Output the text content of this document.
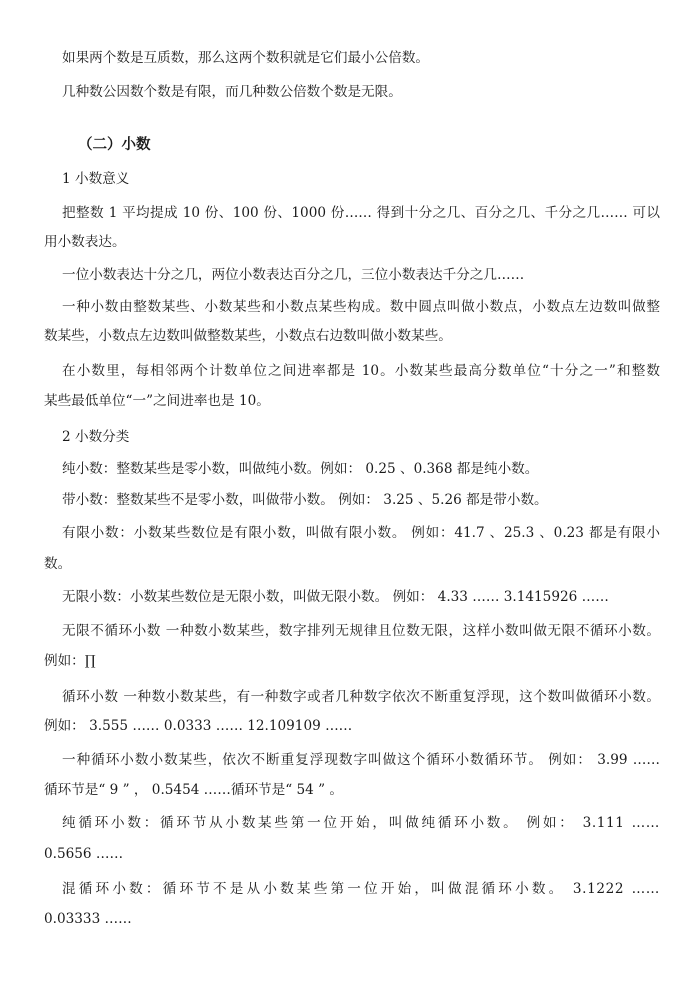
如果两个数是互质数，那么这两个数积就是它们最小公倍数。
几种数公因数个数是有限，而几种数公倍数个数是无限。
（二）小数
1 小数意义
把整数 1 平均提成 10 份、100 份、1000 份…… 得到十分之几、百分之几、千分之几…… 可以
用小数表达。
一位小数表达十分之几，两位小数表达百分之几，三位小数表达千分之几……
一种小数由整数某些、小数某些和小数点某些构成。数中圆点叫做小数点，小数点左边数叫做整
数某些，小数点左边数叫做整数某些，小数点右边数叫做小数某些。
在小数里，每相邻两个计数单位之间进率都是 10。小数某些最高分数单位“十分之一”和整数
某些最低单位“一”之间进率也是 10。
2 小数分类
纯小数：整数某些是零小数，叫做纯小数。例如： 0.25 、0.368 都是纯小数。
带小数：整数某些不是零小数，叫做带小数。 例如： 3.25 、5.26 都是带小数。
有限小数：小数某些数位是有限小数，叫做有限小数。 例如：41.7 、25.3 、0.23 都是有限小
数。
无限小数：小数某些数位是无限小数，叫做无限小数。 例如： 4.33 …… 3.1415926 ……
无限不循环小数 一种数小数某些，数字排列无规律且位数无限，这样小数叫做无限不循环小数。
例如：∏
循环小数 一种数小数某些，有一种数字或者几种数字依次不断重复浮现，这个数叫做循环小数。
例如： 3.555 …… 0.0333 …… 12.109109 ……
一种循环小数小数某些，依次不断重复浮现数字叫做这个循环小数循环节。 例如： 3.99 ……
循环节是“ 9 ” ， 0.5454 ……循环节是“ 54 ” 。
纯循环小数：循环节从小数某些第一位开始，叫做纯循环小数。 例如： 3.111 ……
0.5656 ……
混循环小数：循环节不是从小数某些第一位开始，叫做混循环小数。 3.1222 ……
0.03333 ……
